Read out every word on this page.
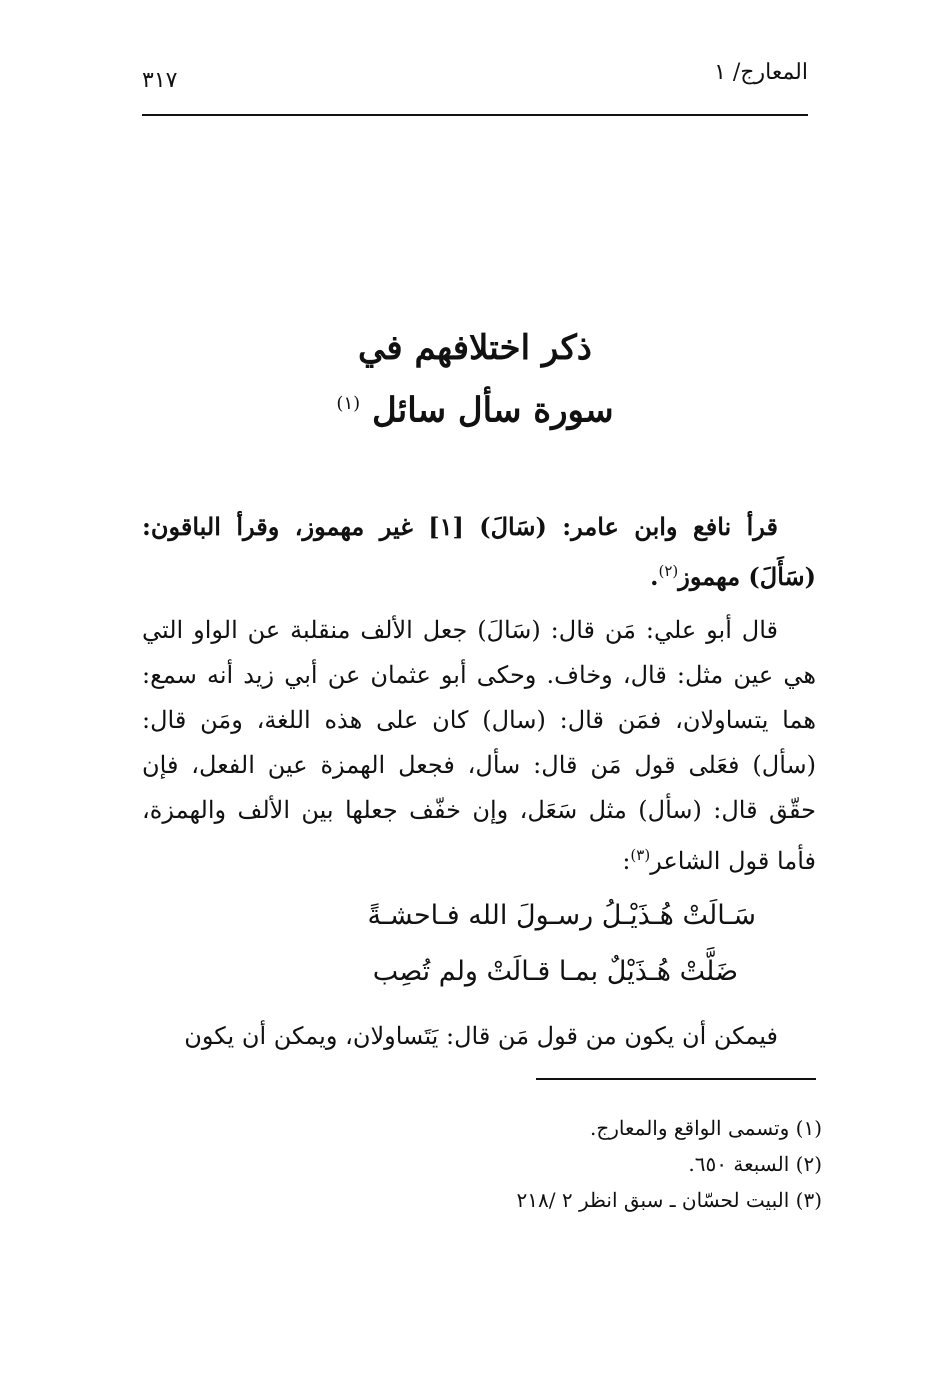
المعارج/ ١
٣١٧
ذكر اختلافهم في
سورة سأل سائل $^{(١)}$
قرأ نافع وابن عامر: (سَالَ) [١] غير مهموز، وقرأ الباقون: (سَأَلَ) مهموز$^{(٢)}$.
قال أبو علي: مَن قال: (سَالَ) جعل الألف منقلبة عن الواو التي هي عين مثل: قال، وخاف. وحكى أبو عثمان عن أبي زيد أنه سمع: هما يتساولان، فمَن قال: (سال) كان على هذه اللغة، ومَن قال: (سأل) فعَلى قول مَن قال: سأل، فجعل الهمزة عين الفعل، فإن حقّق قال: (سأل) مثل سَعَل، وإن خفّف جعلها بين الألف والهمزة، فأما قول الشاعر$^{(٣)}$:
سَـالَتْ هُـذَيْـلُ رسـولَ الله فـاحشـةً
ضَلَّتْ هُـذَيْلٌ بمـا قـالَتْ ولم تُصِب
فيمكن أن يكون من قول مَن قال: يَتَساولان، ويمكن أن يكون
(١) وتسمى الواقع والمعارج.
(٢) السبعة ٦٥٠.
(٣) البيت لحسّان ـ سبق انظر ٢ /٢١٨
